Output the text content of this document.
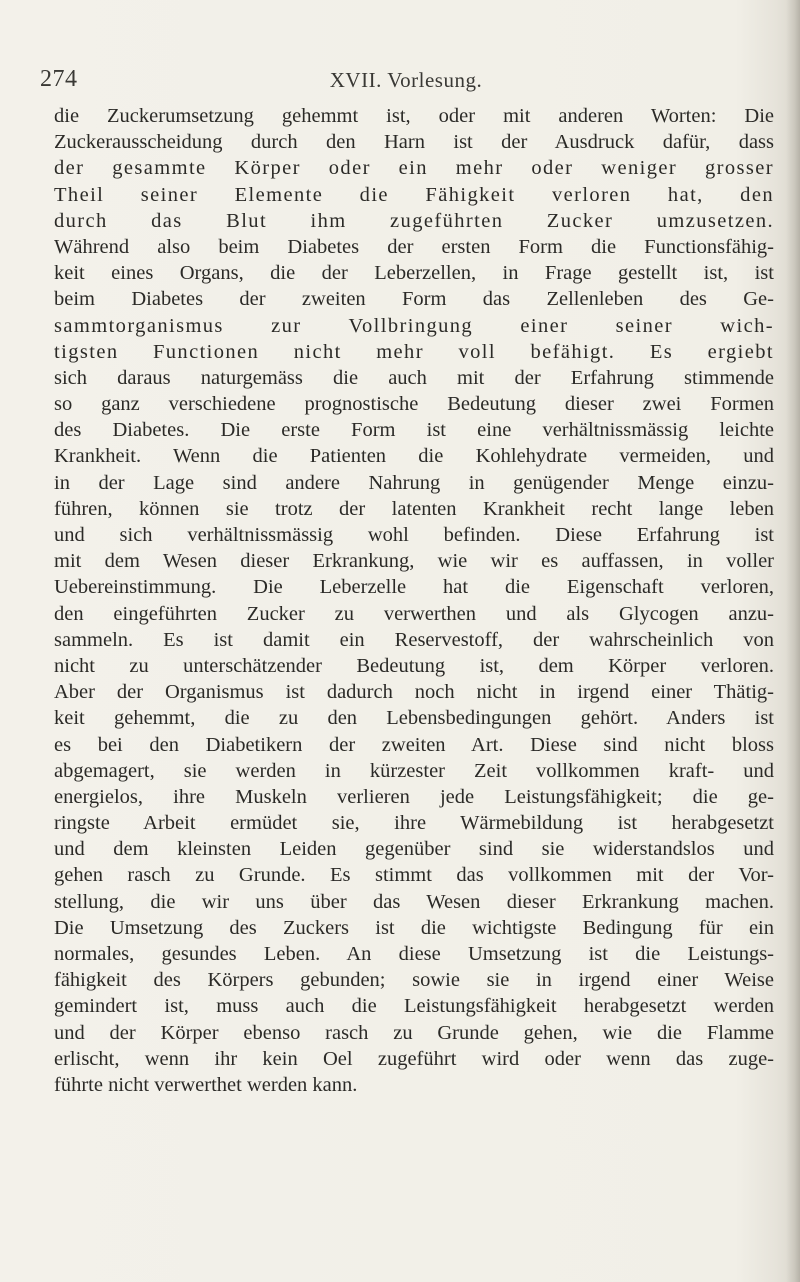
274	XVII. Vorlesung.
die Zuckerumsetzung gehemmt ist, oder mit anderen Worten: Die
Zuckerausscheidung durch den Harn ist der Ausdruck dafür, dass
der gesammte Körper oder ein mehr oder weniger grosser
Theil seiner Elemente die Fähigkeit verloren hat, den
durch das Blut ihm zugeführten Zucker umzusetzen.
Während also beim Diabetes der ersten Form die Functionsfähig-
keit eines Organs, die der Leberzellen, in Frage gestellt ist, ist
beim Diabetes der zweiten Form das Zellenleben des Ge-
sammtorganismus zur Vollbringung einer seiner wich-
tigsten Functionen nicht mehr voll befähigt. Es ergiebt
sich daraus naturgemäss die auch mit der Erfahrung stimmende
so ganz verschiedene prognostische Bedeutung dieser zwei Formen
des Diabetes. Die erste Form ist eine verhältnissmässig leichte
Krankheit. Wenn die Patienten die Kohlehydrate vermeiden, und
in der Lage sind andere Nahrung in genügender Menge einzu-
führen, können sie trotz der latenten Krankheit recht lange leben
und sich verhältnissmässig wohl befinden. Diese Erfahrung ist
mit dem Wesen dieser Erkrankung, wie wir es auffassen, in voller
Uebereinstimmung. Die Leberzelle hat die Eigenschaft verloren,
den eingeführten Zucker zu verwerthen und als Glycogen anzu-
sammeln. Es ist damit ein Reservestoff, der wahrscheinlich von
nicht zu unterschätzender Bedeutung ist, dem Körper verloren.
Aber der Organismus ist dadurch noch nicht in irgend einer Thätig-
keit gehemmt, die zu den Lebensbedingungen gehört. Anders ist
es bei den Diabetikern der zweiten Art. Diese sind nicht bloss
abgemagert, sie werden in kürzester Zeit vollkommen kraft- und
energielos, ihre Muskeln verlieren jede Leistungsfähigkeit; die ge-
ringste Arbeit ermüdet sie, ihre Wärmebildung ist herabgesetzt
und dem kleinsten Leiden gegenüber sind sie widerstandslos und
gehen rasch zu Grunde. Es stimmt das vollkommen mit der Vor-
stellung, die wir uns über das Wesen dieser Erkrankung machen.
Die Umsetzung des Zuckers ist die wichtigste Bedingung für ein
normales, gesundes Leben. An diese Umsetzung ist die Leistungs-
fähigkeit des Körpers gebunden; sowie sie in irgend einer Weise
gemindert ist, muss auch die Leistungsfähigkeit herabgesetzt werden
und der Körper ebenso rasch zu Grunde gehen, wie die Flamme
erlischt, wenn ihr kein Oel zugeführt wird oder wenn das zuge-
führte nicht verwerthet werden kann.
